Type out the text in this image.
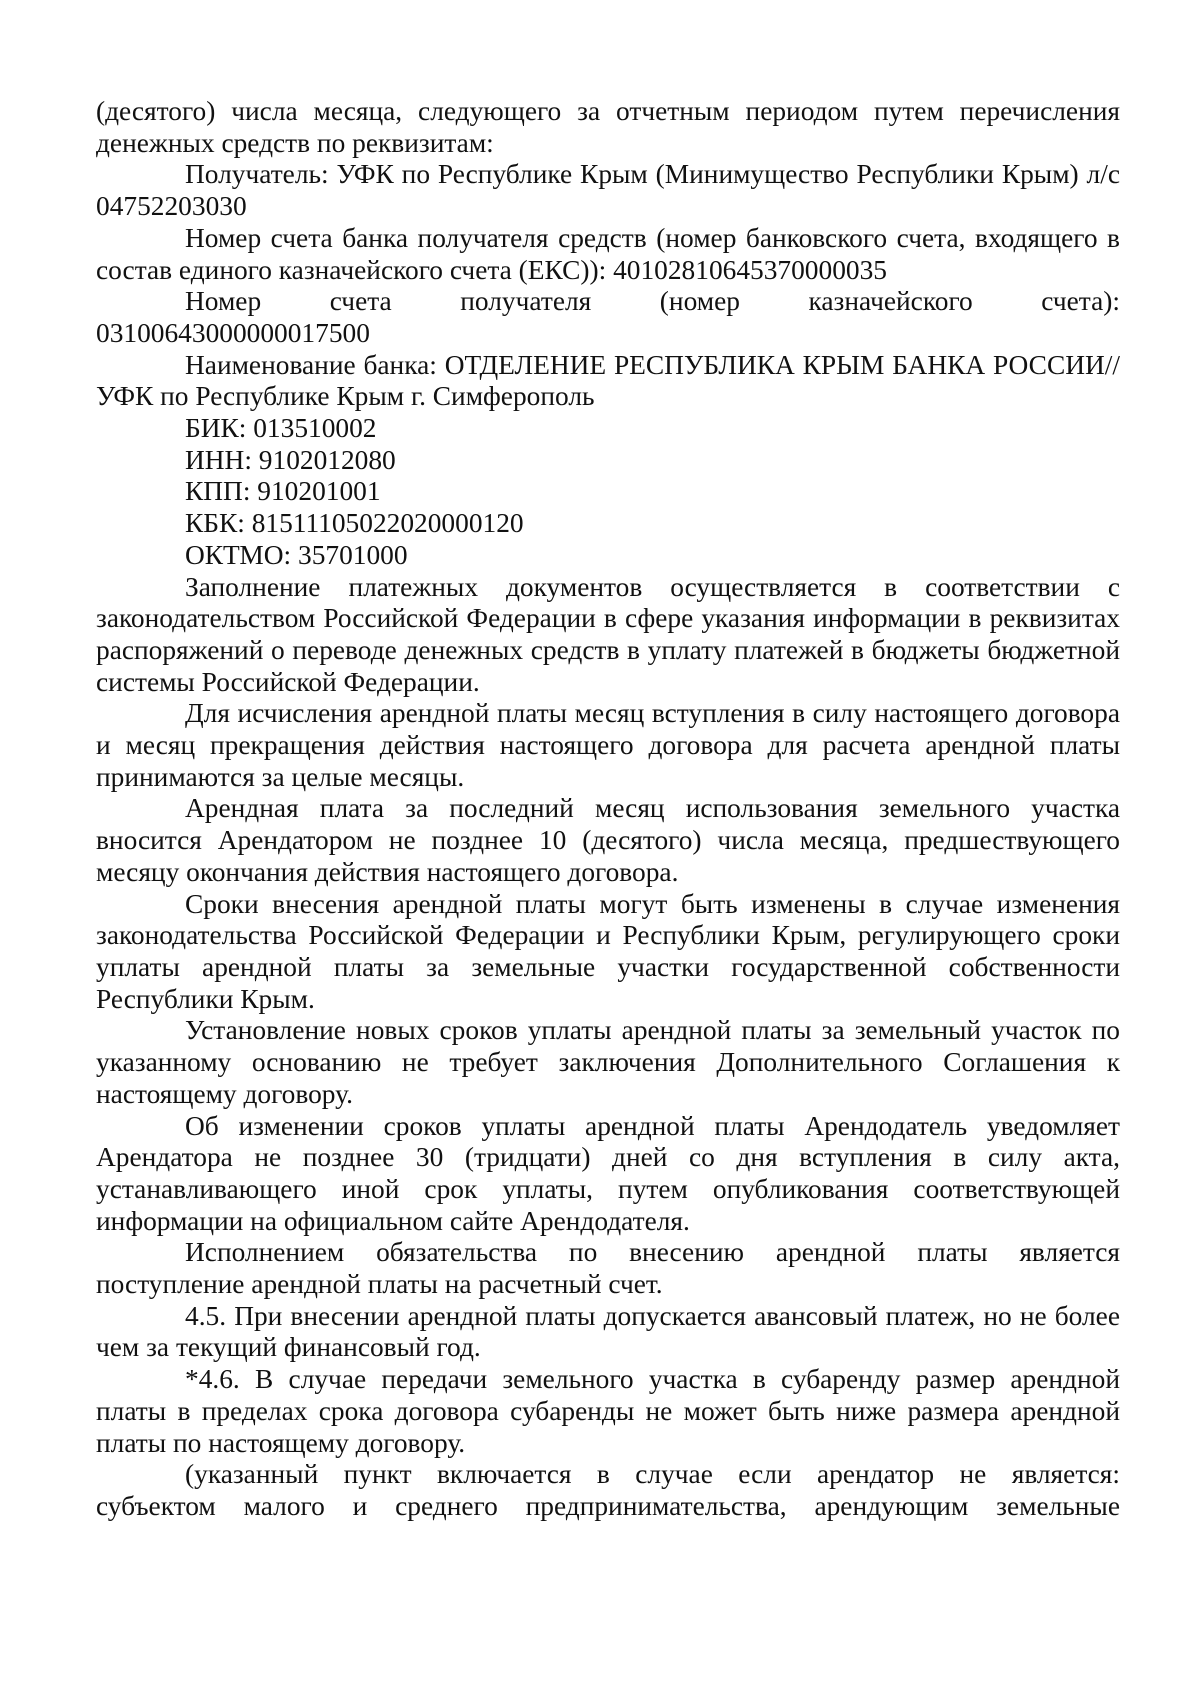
(десятого) числа месяца, следующего за отчетным периодом путем перечисления денежных средств по реквизитам:

Получатель: УФК по Республике Крым (Минимущество Республики Крым) л/с 04752203030

Номер счета банка получателя средств (номер банковского счета, входящего в состав единого казначейского счета (ЕКС)): 40102810645370000035

Номер счета получателя (номер казначейского счета):

03100643000000017500

Наименование банка: ОТДЕЛЕНИЕ РЕСПУБЛИКА КРЫМ БАНКА РОССИИ//УФК по Республике Крым г. Симферополь

БИК: 013510002

ИНН: 9102012080

КПП: 910201001

КБК: 81511105022020000120

ОКТМО: 35701000

Заполнение платежных документов осуществляется в соответствии с законодательством Российской Федерации в сфере указания информации в реквизитах распоряжений о переводе денежных средств в уплату платежей в бюджеты бюджетной системы Российской Федерации.

Для исчисления арендной платы месяц вступления в силу настоящего договора и месяц прекращения действия настоящего договора для расчета арендной платы принимаются за целые месяцы.

Арендная плата за последний месяц использования земельного участка вносится Арендатором не позднее 10 (десятого) числа месяца, предшествующего месяцу окончания действия настоящего договора.

Сроки внесения арендной платы могут быть изменены в случае изменения законодательства Российской Федерации и Республики Крым, регулирующего сроки уплаты арендной платы за земельные участки государственной собственности Республики Крым.

Установление новых сроков уплаты арендной платы за земельный участок по указанному основанию не требует заключения Дополнительного Соглашения к настоящему договору.

Об изменении сроков уплаты арендной платы Арендодатель уведомляет Арендатора не позднее 30 (тридцати) дней со дня вступления в силу акта, устанавливающего иной срок уплаты, путем опубликования соответствующей информации на официальном сайте Арендодателя.

Исполнением обязательства по внесению арендной платы является поступление арендной платы на расчетный счет.

4.5. При внесении арендной платы допускается авансовый платеж, но не более чем за текущий финансовый год.

*4.6. В случае передачи земельного участка в субаренду размер арендной платы в пределах срока договора субаренды не может быть ниже размера арендной платы по настоящему договору.

(указанный пункт включается в случае если арендатор не является:

субъектом малого и среднего предпринимательства, арендующим земельные
